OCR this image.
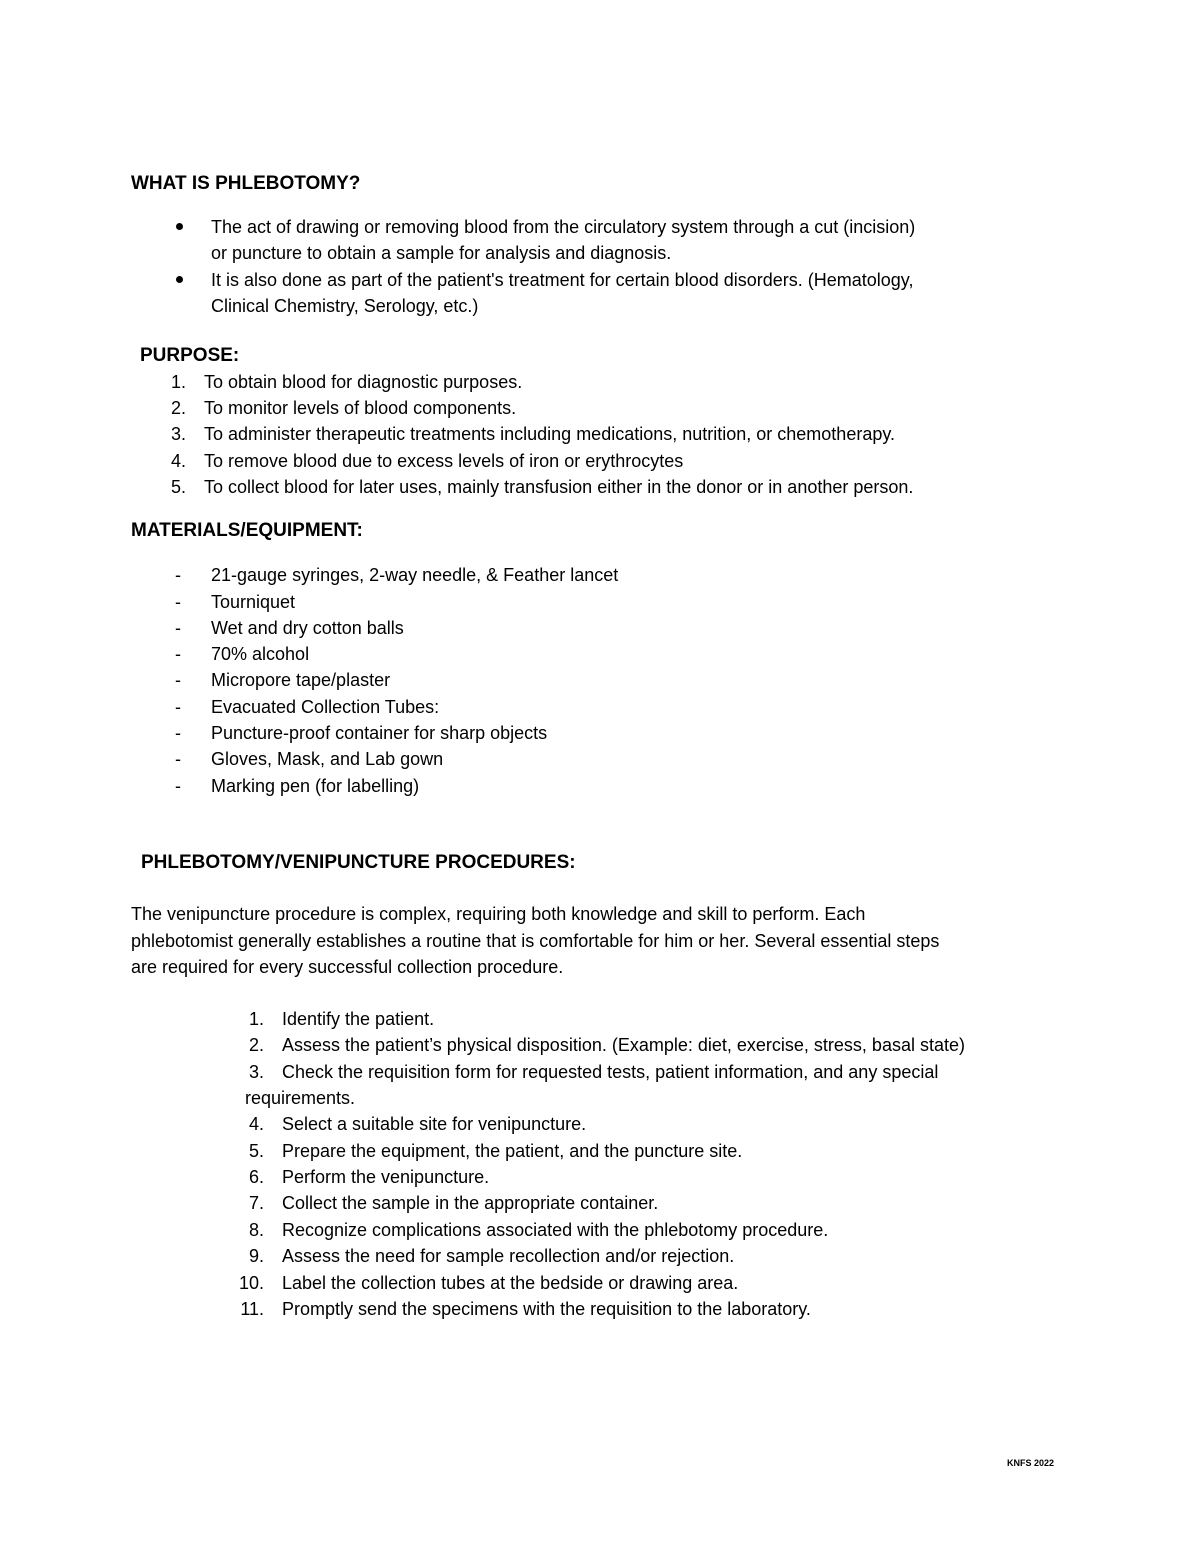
WHAT IS PHLEBOTOMY?
The act of drawing or removing blood from the circulatory system through a cut (incision)
or puncture to obtain a sample for analysis and diagnosis.
It is also done as part of the patient's treatment for certain blood disorders. (Hematology,
Clinical Chemistry, Serology, etc.)
PURPOSE:
1. To obtain blood for diagnostic purposes.
2. To monitor levels of blood components.
3. To administer therapeutic treatments including medications, nutrition, or chemotherapy.
4. To remove blood due to excess levels of iron or erythrocytes
5. To collect blood for later uses, mainly transfusion either in the donor or in another person.
MATERIALS/EQUIPMENT:
- 21-gauge syringes, 2-way needle, & Feather lancet
- Tourniquet
- Wet and dry cotton balls
- 70% alcohol
- Micropore tape/plaster
- Evacuated Collection Tubes:
- Puncture-proof container for sharp objects
- Gloves, Mask, and Lab gown
- Marking pen (for labelling)
PHLEBOTOMY/VENIPUNCTURE PROCEDURES:
The venipuncture procedure is complex, requiring both knowledge and skill to perform. Each
phlebotomist generally establishes a routine that is comfortable for him or her. Several essential steps
are required for every successful collection procedure.
1. Identify the patient.
2. Assess the patient’s physical disposition. (Example: diet, exercise, stress, basal state)
3. Check the requisition form for requested tests, patient information, and any special
requirements.
4. Select a suitable site for venipuncture.
5. Prepare the equipment, the patient, and the puncture site.
6. Perform the venipuncture.
7. Collect the sample in the appropriate container.
8. Recognize complications associated with the phlebotomy procedure.
9. Assess the need for sample recollection and/or rejection.
10. Label the collection tubes at the bedside or drawing area.
11. Promptly send the specimens with the requisition to the laboratory.
KNFS 2022
